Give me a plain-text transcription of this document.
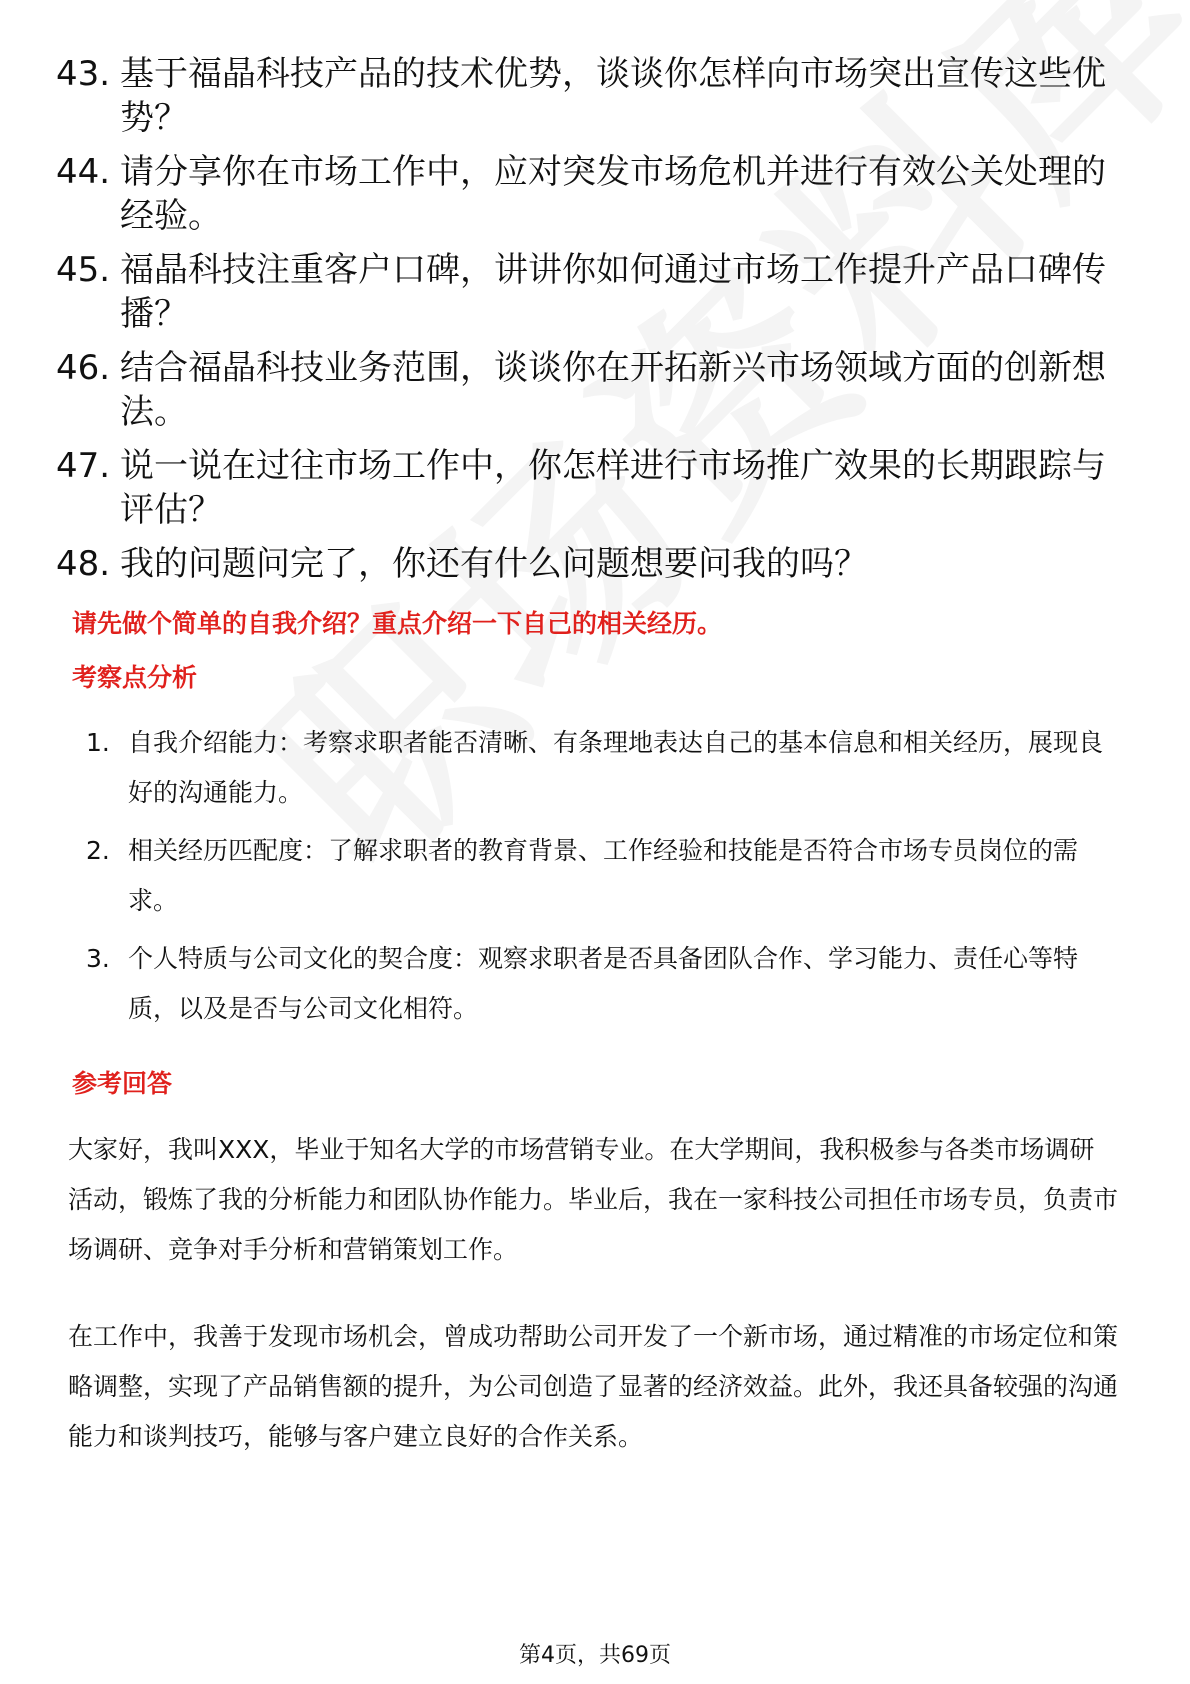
43. 基于福晶科技产品的技术优势，谈谈你怎样向市场突出宣传这些优势？
44. 请分享你在市场工作中，应对突发市场危机并进行有效公关处理的经验。
45. 福晶科技注重客户口碑，讲讲你如何通过市场工作提升产品口碑传播？
46. 结合福晶科技业务范围，谈谈你在开拓新兴市场领域方面的创新想法。
47. 说一说在过往市场工作中，你怎样进行市场推广效果的长期跟踪与评估？
48. 我的问题问完了，你还有什么问题想要问我的吗？
请先做个简单的自我介绍？重点介绍一下自己的相关经历。
考察点分析
1. 自我介绍能力：考察求职者能否清晰、有条理地表达自己的基本信息和相关经历，展现良好的沟通能力。
2. 相关经历匹配度：了解求职者的教育背景、工作经验和技能是否符合市场专员岗位的需求。
3. 个人特质与公司文化的契合度：观察求职者是否具备团队合作、学习能力、责任心等特质，以及是否与公司文化相符。
参考回答

大家好，我叫XXX，毕业于知名大学的市场营销专业。在大学期间，我积极参与各类市场调研活动，锻炼了我的分析能力和团队协作能力。毕业后，我在一家科技公司担任市场专员，负责市场调研、竞争对手分析和营销策划工作。

在工作中，我善于发现市场机会，曾成功帮助公司开发了一个新市场，通过精准的市场定位和策略调整，实现了产品销售额的提升，为公司创造了显著的经济效益。此外，我还具备较强的沟通能力和谈判技巧，能够与客户建立良好的合作关系。

第4页，共69页
